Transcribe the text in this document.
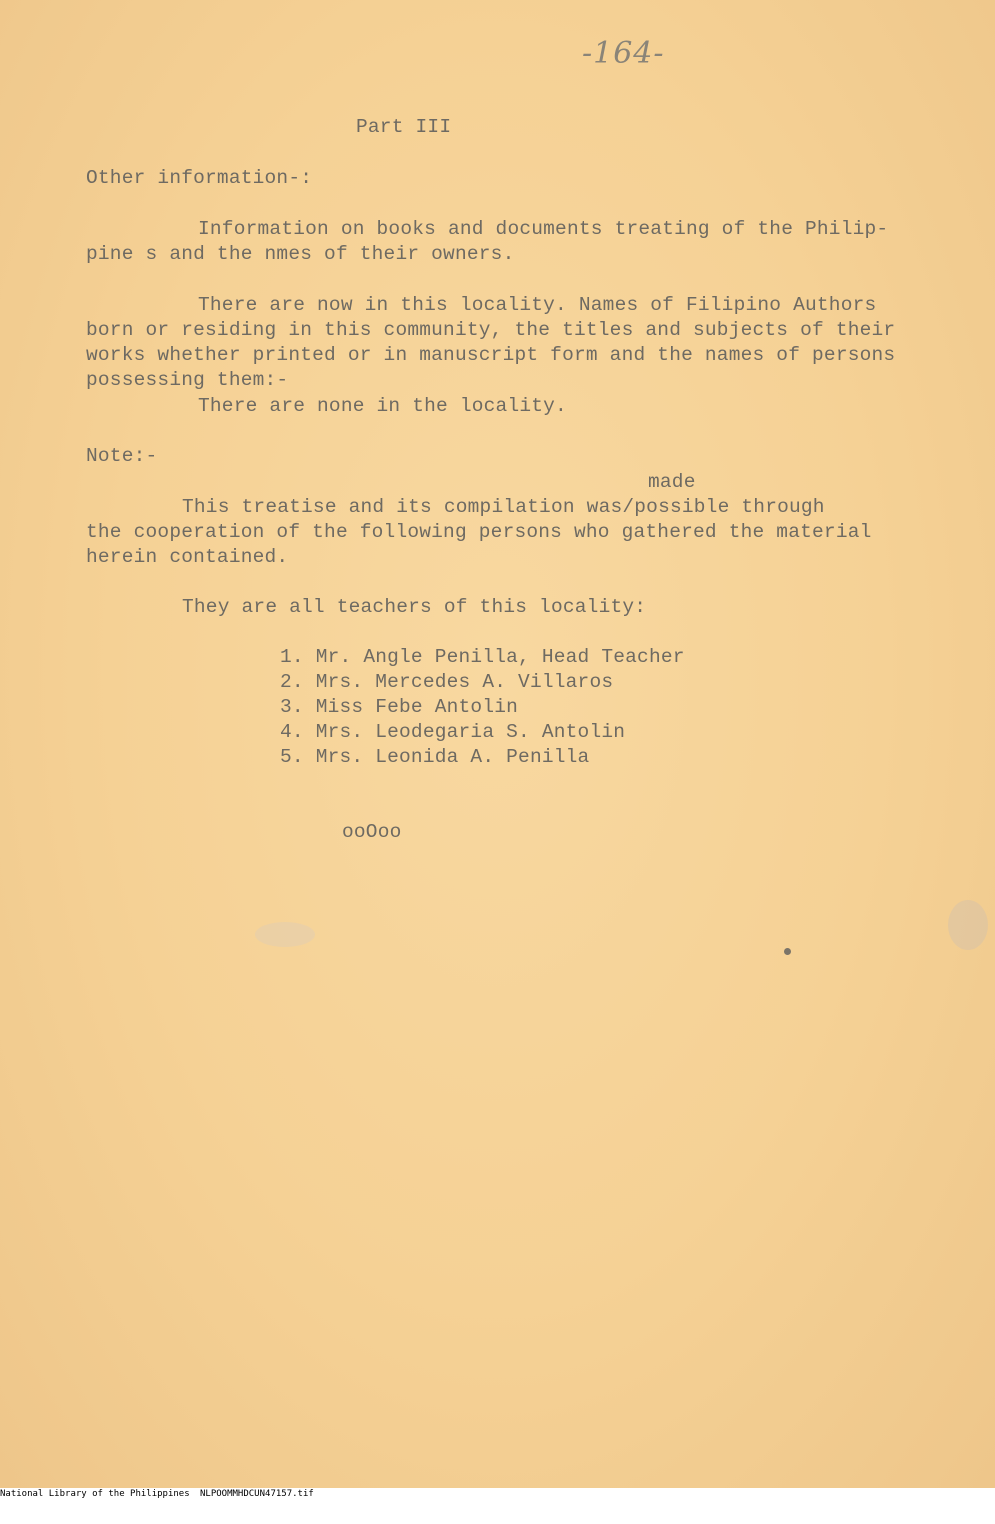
-164-
Part III
Other information-:
Information on books and documents treating of the Philip-
pine s and the nmes of their owners.
There are now in this locality. Names of Filipino Authors
born or residing in this community, the titles and subjects of their
works whether printed or in manuscript form and the names of persons
possessing them:-
There are none in the locality.
Note:-
made
This treatise and its compilation was/possible through
the cooperation of the following persons who gathered the material
herein contained.
They are all teachers of this locality:
1. Mr. Angle Penilla, Head Teacher
2. Mrs. Mercedes A. Villaros
3. Miss Febe Antolin
4. Mrs. Leodegaria S. Antolin
5. Mrs. Leonida A. Penilla
ooOoo

National Library of the Philippines

NLPOOMMHDCUN47157.tif
